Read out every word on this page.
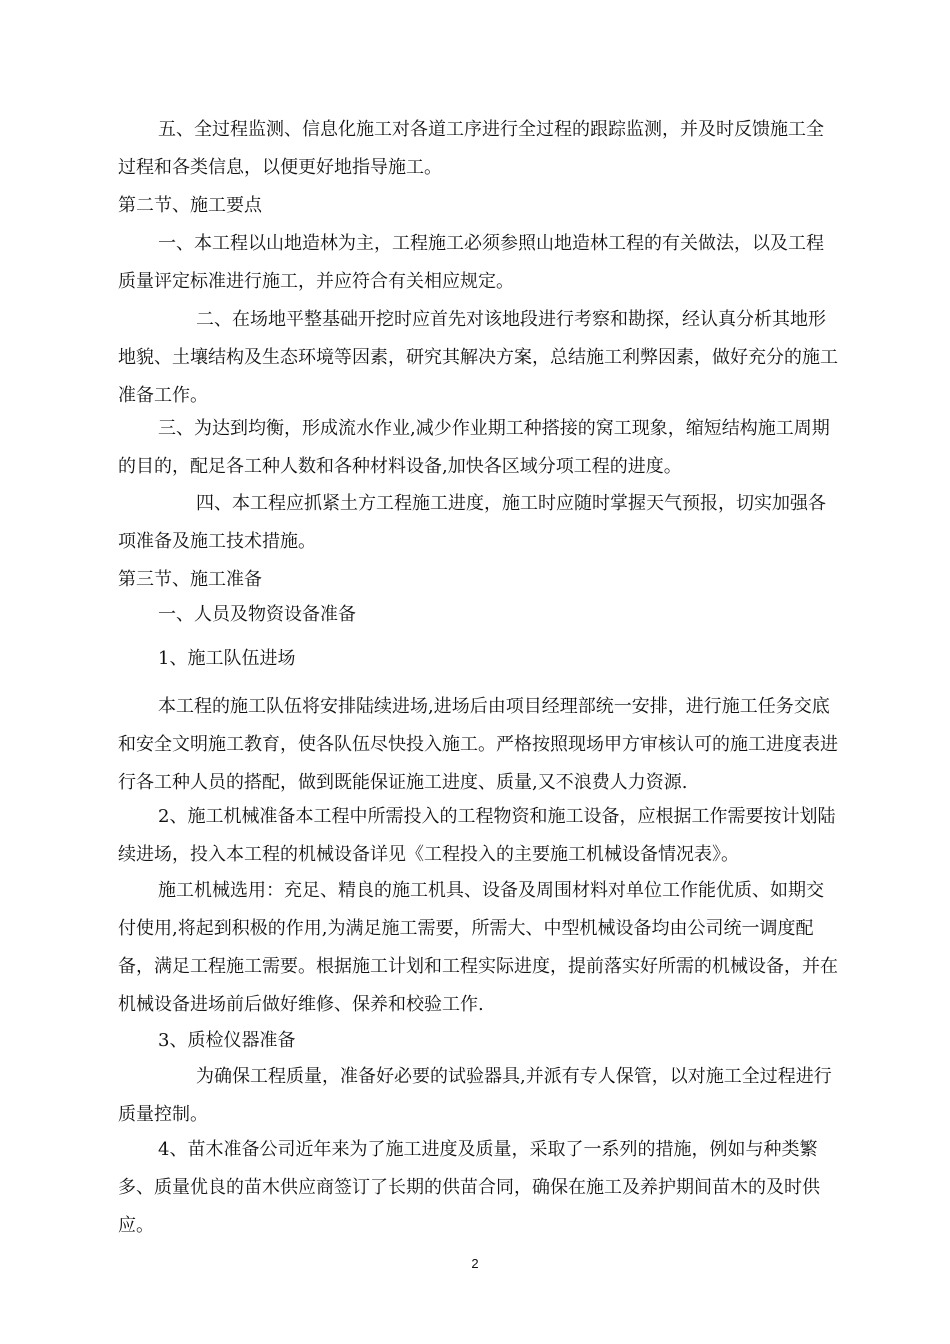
五、全过程监测、信息化施工对各道工序进行全过程的跟踪监测，并及时反馈施工全过程和各类信息，以便更好地指导施工。

第二节、施工要点

一、本工程以山地造林为主，工程施工必须参照山地造林工程的有关做法，以及工程质量评定标准进行施工，并应符合有关相应规定。

二、在场地平整基础开挖时应首先对该地段进行考察和勘探，经认真分析其地形地貌、土壤结构及生态环境等因素，研究其解决方案，总结施工利弊因素，做好充分的施工准备工作。

三、为达到均衡，形成流水作业,减少作业期工种搭接的窝工现象，缩短结构施工周期的目的，配足各工种人数和各种材料设备,加快各区域分项工程的进度。

四、本工程应抓紧土方工程施工进度，施工时应随时掌握天气预报，切实加强各项准备及施工技术措施。

第三节、施工准备

一、人员及物资设备准备

1、施工队伍进场

本工程的施工队伍将安排陆续进场,进场后由项目经理部统一安排，进行施工任务交底和安全文明施工教育，使各队伍尽快投入施工。严格按照现场甲方审核认可的施工进度表进行各工种人员的搭配，做到既能保证施工进度、质量,又不浪费人力资源.

2、施工机械准备本工程中所需投入的工程物资和施工设备，应根据工作需要按计划陆续进场，投入本工程的机械设备详见《工程投入的主要施工机械设备情况表》。

施工机械选用：充足、精良的施工机具、设备及周围材料对单位工作能优质、如期交付使用,将起到积极的作用,为满足施工需要，所需大、中型机械设备均由公司统一调度配备，满足工程施工需要。根据施工计划和工程实际进度，提前落实好所需的机械设备，并在机械设备进场前后做好维修、保养和校验工作.

3、质检仪器准备

为确保工程质量，准备好必要的试验器具,并派有专人保管，以对施工全过程进行质量控制。

4、苗木准备公司近年来为了施工进度及质量，采取了一系列的措施，例如与种类繁多、质量优良的苗木供应商签订了长期的供苗合同，确保在施工及养护期间苗木的及时供应。

2
